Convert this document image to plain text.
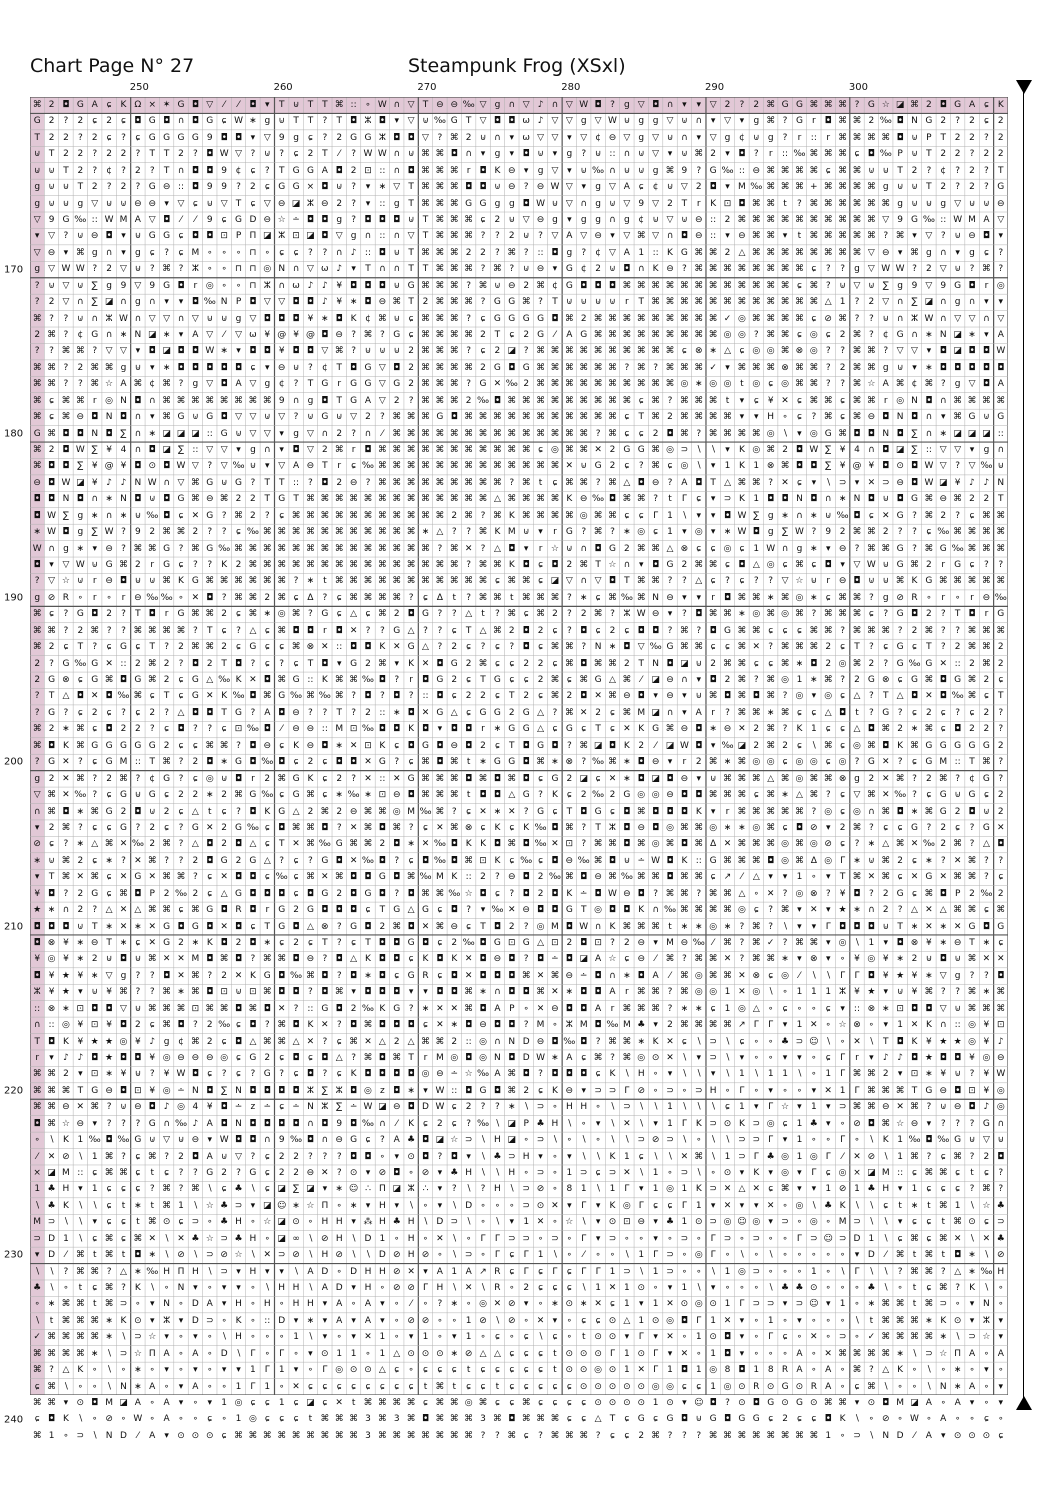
Chart Page N° 27	Steampunk Frog (XSxl)
250	260	270	280	290	300
170
180
190
200
210
220
230
240
⌘ 2 ◘ G A ɕ K Ω × ✶ G ◘ ▽	⁄	⁄	◘ ▾	T ⊍ T T ⌘ :: ∘ W ∩ ▽ T ⊖ ⊖ ‰ ▽ g ∩ ▽ ♪ ∩ ▽ W ◘ ?	g ▽ ◘ ∩ ▾	▾ ▽ 2	?	2 ⌘ G G ⌘ ⌘ ⌘ ? G ☆ ◪ ⌘ 2 ◘ G A ɕ K
G 2	?	2	ɕ	2	ɕ ◘ G ◘ ∩ ◘ G ɕ W ∗ g ⊍ T T	?	T ◘ ⵣ ◘ ▾ ▽ ⊍ ‰ G T ▽ ◘ ◘ ω ♪ ▽ ▽ g ▽ W ⊍ g g ▽ ⊍ ∩ ▾ ▽ ▾	g ⌘ ? G	r ◘ ⌘ ⌘ 2 ‰ ◘ N G 2	?	2	ɕ	2
T 2 2	?	2	ɕ	?	ɕ G G G G 9 ◘ ◘ ▾ ▽ 9 g	ɕ	?	2 G G ⵣ ◘ ◘ ▽ ? ⌘ 2 ⊍ ∩ ▾ ω ▽ ▽ ▾ ▽ ¢ ⊖ ▽ g ▽ ⊍ ∩ ▾ ▽ g ¢ ⊍ g	?	r	::	r ⌘ ⌘ ⌘ ⌘ ◘ ⊍ P T 2 2	?	2
⊍ T 2 2	?	2 2	?	T T 2	? ◘ W ▽ ? ⊍ ?	ɕ	2 T	⁄	? W W ∩ ⊍ ⌘ ⌘ ◘ ∩ ▾	g	▾ ◘ ⊍ ▾	g	? ⊍ :: ∩ ⊍ ▽ ▾ ⊍ ⌘ 2	▾ ◘ ?	r	:: ‰ ⌘ ⌘ ⌘ ɕ ◘ ‰ P ⊍ T 2 2	?	2 2
⊍ ⊍ T 2	?	¢	?	2	?	T ∩ ◘ ◘ 9 ¢	ɕ	?	T G G A ◘ 2 ⊡ :: ∩ ◘ ⌘ ⌘ ⌘ r ◘ K ⊖ ▾	g ▽ ▾ ⊍ ‰ ∩ ⊍ ⊍ g ⌘ 9	? G ‰ :: ⊖ ⌘ ⌘ ⌘ ⌘ ɕ ⌘ ⌘ ⊍ ⊍ T 2	?	¢	?	2	?	T
g ⊍ ⊍ T 2	?	2	? G ⊖ :: ◘ 9 9	?	2	ɕ G G × ◘ ⊍ ?	▾ ∗ ▽ T ⌘ ⌘ ⌘ ◘ ◘ ⊍ ⊖ ? ⊖ W ▽ ▾	g ▽ A ɕ	¢ ⊍ ▽ 2 ◘ ▾ M ‰ ⌘ ⌘ ⌘ + ⌘ ⌘ ⌘ ⌘ g ⊍ ⊍ T 2	?	2	? G
g ⊍ ⊍ g ▽ ⊍ ⊍ ⊖ ⊖ ▾ ▽ ɕ ⊍ ▽ T	ɕ ▽ ⊖ ◪ ⵣ ⊖ 2	?	▾	:: g T ⌘ ⌘ ⌘ G G g g ◘ W ⊍ ▽ ∩ g ⊍ ▽ 9 ▽ 2 T	r	K ⊡ ◘ ⌘ ⌘ t	? ⌘ ⌘ ⌘ ⌘ ⌘ ⌘ g ⊍ ⊍ g ▽ ⊍ ⊍ ⊖
▽ 9 G ‰ :: W M A ▽ ◘	⁄	⁄	9	ɕ G D ⊖ ☆ ∸ ◘ ◘ g	? ◘ ◘ ◘ ⊍ T ⌘ ⌘ ⌘ ɕ	2 ⊍ ▽ ⊖ g	▾	g g ∩ g ¢ ⊍ ▽ ⊍ ⊖ :: 2 ⌘ ⌘ ⌘ ⌘ ⌘ ⌘ ⌘ ⌘ ⌘ ⌘ ▽ 9 G ‰ :: W M A ▽
▾ ▽ ? ⊍ ⊖ ◘ ▾ ⊍ G G ɕ ◘ ◘ ⊡ P Π ◪ ⵣ ⊡ ◪ ◘ ▽ g ∩ :: ∩ ▽ T ⌘ ⌘ ⌘ ?	?	2 ⊍ ? ▽ A ▽ ⊖ ▾ ▽ ⌘ ▽ ∩ ◘ ⊖ ::	▾ ⊖ ⌘ ⌘ ▾	t ⌘ ⌘ ⌘ ⌘ ⌘ ? ⌘ ▾ ▽ ? ⊍ ⊖ ◘ ▾
▽ ⊖ ▾ ⌘ g ∩ ▾	g	ɕ	?	ɕ M ∘ ∘ ∘ ⊓ ∘	ɕ	ɕ	?	? ∩ ♪ :: ◘ ⊍ T ⌘ ⌘ ⌘ 2 2	? ⌘ ? :: ◘ g	?	¢ ▽ A 1 :: K G ⌘ ⌘ 2 △ ⌘ ⌘ ⌘ ⌘ ⌘ ⌘ ⌘ ⌘ ▽ ⊖ ▾ ⌘ g ∩ ▾	g	ɕ	?
g ▽ W W ?	2 ▽ ⊍ ? ⌘ ? ⵣ ∘ ∘ ⊓ ⊓ ◎ N ∩ ▽ ω ♪	▾	T ∩ ∩ T T ⌘ ⌘ ⌘ ? ⌘ ? ⊍ ⊖ ▾ G ¢ 2 ⊍ ◘ ∩ K ⊖ ? ⌘ ⌘ ⌘ ⌘ ⌘ ⌘ ⌘ ⌘ ɕ	?	?	g ▽ W W ?	2 ▽ ⊍ ? ⌘ ?
? ⊍ ▽ ⊍ ∑ g 9 ▽ 9 G ◘ r ◎ ∘ ∘ ⊓ ⵣ ∩ ω ♪ ♪ ¥ ◘ ◘ ◘ ⊍ G ⌘ ⌘ ⌘ ? ⌘ ⊍ ⊖ 2 ⌘ ¢ G ◘ ◘ ◘ ⌘ ⌘ ⌘ ⌘ ⌘ ⌘ ⌘ ⌘ ⌘ ⌘ ⌘ ⌘ ɕ ⌘ ? ⊍ ▽ ⊍ ∑ g 9 ▽ 9 G ◘ r ◎
?	2 ▽ ∩ ∑ ◪ ∩ g ∩ ▾	▾ ◘ ‰ N P ◘ ▽ ▽ ◘ ◘ ♪ ¥ ∗ ◘ ⊖ ⌘ T 2 ⌘ ⌘ ⌘ ? G G ⌘ ?	T ⊍ ⊍ ⊍ ⊍	r	T ⌘ ⌘ ⌘ ⌘ ⌘ ⌘ ⌘ ⌘ ⌘ ⌘ ⌘ ⌘ △ 1	?	2 ▽ ∩ ∑ ◪ ∩ g ∩ ▾	▾
⌘ ?	? ⊍ ∩ ⵣ W ∩ ▽ ▽ ∩ ▽ ⊍ ⊍ g ▽ ◘ ◘ ◘ ¥ ∗ ◘ K ¢ ⌘ ⊍ ɕ ⌘ ⌘ ⌘ ?	ɕ G G G G ◘ ⌘ 2 ⌘ ⌘ ⌘ ⌘ ⌘ ⌘ ⌘ ⌘ ⌘ ✓ ◎ ⌘ ⌘ ⌘ ⌘ ɕ ⊘ ⌘ ?	? ⊍ ∩ ⵣ W ∩ ▽ ▽ ∩ ▽
2 ⌘ ?	¢ G ∩ ∗ N ◪ ∗ ▾	A ▽	⁄	▽ ω ¥ @ ¥ @ ◘ ⊖ ? ⌘ ? G ɕ ⌘ ⌘ ⌘ ⌘ 2 T	ɕ	2 G	⁄	A G ⌘ ⌘ ⌘ ⌘ ⌘ ⌘ ⌘ ⌘ ⌘ ◎ ◎ ? ⌘ ⌘ ɕ ◎ ɕ	2 ⌘ ?	¢ G ∩ ∗ N ◪ ∗ ▾	A
?	? ⌘ ⌘ ? ▽ ▽ ▾ ◘ ◪ ◘ ◘ W ∗ ▾ ◘ ◘ ¥ ◘ ◘ ▽ ⌘ ? ⊍ ⊍ ⊍ 2 ⌘ ⌘ ⌘ ?	ɕ	2 ◪ ? ⌘ ⌘ ⌘ ⌘ ⌘ ⌘ ⌘ ⌘ ⌘ ⌘ ɕ ⊗ ∗ △ ɕ ◎ ◎ ⌘ ⊗ ◎ ?	? ⌘ ⌘ ? ▽ ▽ ▾ ◘ ◪ ◘ ◘ W
⌘ ⌘ ?	2 ⌘ ⌘ g ⊍ ▾ ∗ ◘ ◘ ◘ ◘ ◘ ɕ	▾ ⊖ ⊍ ?	¢ T ◘ G ▽ ◘ 2 ⌘ ⌘ ⌘ ⌘ 2 G ◘ G ⌘ ⌘ ⌘ ⌘ ⌘ ⌘ ? ⌘ ? ⌘ ⌘ ⌘ ✓ ▾ ⌘ ⌘ ⌘ ⊗ ⌘ ⌘ ?	2 ⌘ ⌘ g ⊍ ▾ ∗ ◘ ◘ ◘ ◘ ◘
⌘ ⌘ ?	? ⌘ ☆ A ⌘ ¢ ⌘ ?	g ▽ ◘ A ▽ g ¢	?	T G	r	G G ▽ G 2 ⌘ ⌘ ⌘ ? G ✕ ‰ 2 ⌘ ⌘ ⌘ ⌘ ⌘ ⌘ ⌘ ⌘ ⌘ ⌘ ◎ ∗ ◎ ◎ t ◎ ɕ ◎ ⌘ ⌘ ?	? ⌘ ☆ A ⌘ ¢ ⌘ ?	g ▽ ◘ A
⌘ ɕ ⌘ ⌘ r ◎ N ◘ ∩ ⌘ ⌘ ⌘ ⌘ ⌘ ⌘ ⌘ ⌘ 9 ∩ g ◘ T G A ▽ 2	? ⌘ ⌘ ⌘ 2 ‰ ◘ ⌘ ⌘ ⌘ ⌘ ⌘ ⌘ ⌘ ⌘ ⌘ ɕ ⌘ ? ⌘ ⌘ ⌘ t	▾	ɕ	¥ ✕ ɕ ⌘ ⌘ ɕ ⌘ ⌘ r ◎ N ◘ ∩ ⌘ ⌘ ⌘ ⌘
⌘ ɕ ⌘ ⊖ ◘ N ◘ ∩ ▾ ⌘ G ⊍ G ◘ ▽ ▽ ⊍ ▽ ? ⊍ G ⊍ ▽ 2	? ⌘ ⌘ ⌘ G ◘ ⌘ ⌘ ⌘ ⌘ ⌘ ⌘ ⌘ ⌘ ⌘ ⌘ ⌘ ɕ	T ⌘ 2 ⌘ ⌘ ⌘ ⌘ ▾	▾ H ∘	ɕ	? ⌘ ɕ ⌘ ⊖ ◘ N ◘ ∩ ▾ ⌘ G ⊍ G
G ⌘ ◘ ◘ N ◘ ∑ ∩ ∗ ◪ ◪ ◪ :: G ⊍ ▽ ▽ ▾	g ▽ ∩ 2	? ∩	⁄	⌘ ⌘ ⌘ ⌘ ⌘ ⌘ ⌘ ⌘ ⌘ ⌘ ⌘ ⌘ ⌘ ⌘ ? ⌘ ɕ	ɕ	2 ◘ ⌘ ? ⌘ ⌘ ⌘ ⌘ ◎ ∖	▾ ◎ G ⌘ ◘ ◘ N ◘ ∑ ∩ ∗ ◪ ◪ ◪ ::
⌘ 2 ◘ W ∑ ¥ 4 ∩ ◘ ◪ ∑ :: ▽ ▽ ▾	g ∩ ▾ ◘ ▽ 2 ⌘ r ◘ ⌘ ⌘ ⌘ ⌘ ⌘ ⌘ ⌘ ⌘ ⌘ ⌘ ⌘ ɕ ◎ ⌘ ⌘ ✕ 2 G G ⌘ ◎ ⊃ ∖ ∖	▾	K ◎ ⌘ 2 ◘ W ∑ ¥ 4 ∩ ◘ ◪ ∑ :: ▽ ▽ ▾	g ∩
⌘ ◘ ◘ ∑ ¥ @ ¥ ◘ ⊙ ◘ W ▽ ? ▽ ‰ ⊍ ▾ ▽ A ⊖ T	r	ɕ ‰ ⌘ ⌘ ⌘ ⌘ ⌘ ⌘ ⌘ ⌘ ⌘ ⌘ ⌘ ⌘ ⌘ ✕ ⊍ G 2	ɕ	? ⌘ ɕ ◎ ∖	▾	1 K 1 ⊗ ⌘ ◘ ◘ ∑ ¥ @ ¥ ◘ ⊙ ◘ W ▽ ? ▽ ‰ ⊍
⊖ ◘ W ◪ ¥ ♪ ♪ N W ∩ ▽ ⌘ G ⊍ G ?	T T :: ? ◘ 2 ⊖ ? ⌘ ⌘ ⌘ ⌘ ⌘ ⌘ ⌘ ⌘ ⌘ ? ⌘ t	ɕ ⌘ ⌘ ? ⌘ △ ◘ ⊖ ? A ◘ T △ ⌘ ⌘ ? ✕ ɕ	▾	∖ ⊃ ▾ ✕ ⊃ ⊖ ◘ W ◪ ¥ ♪ ♪ N
◘ ◘ N ◘ ∩ ∗ N ◘ ⊍ ◘ G ⌘ ⊖ ⌘ 2 2 T G T ⌘ ⌘ ⌘ ⌘ ⌘ ⌘ ⌘ ⌘ ⌘ ⌘ ⌘ ⌘ ⌘ △ ⌘ ⌘ ⌘ ⌘ K ⊖ ‰ ◘ ⌘ ⌘ ?	t	Γ	ɕ	▾ ⊃ K 1 ◘ ◘ N ◘ ∩ ∗ N ◘ ⊍ ◘ G ⌘ ⊖ ⌘ 2 2 T
◘ W ∑ g ∗ ∩ ∗ ⊍ ‰ ◘ ɕ ✕ G ? ⌘ 2	?	ɕ ⌘ ⌘ ⌘ ⌘ ⌘ ⌘ ⌘ ⌘ ⌘ ⌘ ⌘ 2 ⌘ ? ⌘ K ⌘ ⌘ ⌘ ⌘ ◎ ⌘ ⌘ ɕ	ɕ	Γ	1 ∖	▾	▾ ◘ W ∑ g ∗ ∩ ∗ ⊍ ‰ ◘ ɕ ✕ G ? ⌘ 2	?	ɕ ⌘ ⌘
∗ W ◘ g ∑ W ?	9 2 ⌘ ⌘ 2	?	?	ɕ ‰ ⌘ ⌘ ⌘ ⌘ ⌘ ⌘ ⌘ ⌘ ⌘ ⌘ ⌘ ∗ △ ?	? ⌘ K M ⊍ ▾	r	G ? ⌘ ? ∗ ◎ ɕ	1	▾ ◎ ▾ ∗ W ◘ g ∑ W ?	9 2 ⌘ ⌘ 2	?	?	ɕ ‰ ⌘ ⌘ ⌘ ⌘
W ∩ g ∗ ▾ ⊖ ? ⌘ ⌘ G ? ⌘ G ‰ ⌘ ⌘ ⌘ ⌘ ⌘ ⌘ ⌘ ⌘ ⌘ ⌘ ⌘ ⌘ ⌘ ⌘ ? ⌘ ✕ ? △ ◘ ▾	r ☆ ⊍ ∩ ◘ G 2 ⌘ ⌘ △ ⊗ ɕ	ɕ ◎ ɕ	1 W ∩ g ∗ ▾ ⊖ ? ⌘ ⌘ G ? ⌘ G ‰ ⌘ ⌘ ⌘
◘ ▾ ▽ W ⊍ G ⌘ 2	r	G ɕ	?	?	K 2 ⌘ ⌘ ⌘ ⌘ ⌘ ⌘ ⌘ ⌘ ⌘ ⌘ ⌘ ⌘ ⌘ ⌘ ⌘ ? ⌘ ⌘ K ◘ ɕ ◘ 2 ⌘ T ☆ ∩ ▾ ◘ G 2 ⌘ ⌘ ɕ ◘ △ ◎ ɕ ⌘ ɕ ◘ ▾ ▽ W ⊍ G ⌘ 2	r	G ɕ	?	?
? ▽ ☆ ⊍	r ⊖ ◘ ⊍ ⊍ ⌘ K G ⌘ ⌘ ⌘ ⌘ ⌘ ⌘ ? ∗ t ⌘ ⌘ ⌘ ⌘ ⌘ ⌘ ⌘ ⌘ ⌘ ⌘ ⌘ ɕ ⌘ ⌘ ɕ ◪ ▽ ∩ ▽ ◘ T ⌘ ⌘ ?	? △ ɕ	?	ɕ	?	? ▽ ☆ ⊍	r ⊖ ◘ ⊍ ⊍ ⌘ K G ⌘ ⌘ ⌘ ⌘ ⌘
g ⊘ R ∘	r	∘	r ⊖ ‰ ‰ ∘ ✕ ◘ ? ⌘ ⌘ 2 ⌘ ɕ ∆ ?	ɕ ⌘ ⌘ ⌘ ⌘ ?	ɕ ∆	t	? ⌘ ⌘ t ⌘ ⌘ ⌘ ? ∗ ɕ ⌘ ‰ ⌘ N ⊖ ▾	▾	r ◘ ⌘ ⌘ ∗ ⌘ ◎ ∗ ɕ ⌘ ⌘ ?	g ⊘ R ∘	r	∘	r ⊖ ‰
⌘ ɕ	? G ◘ 2	?	T ◘ r	G ⌘ ⌘ 2	ɕ ⌘ ∗ ◎ ⌘ ? G ɕ △ ɕ ⌘ 2 ◘ G ?	? △	t	? ⌘ ɕ ⌘ 2	?	2 ⌘ ? ⵣ W ⊖ ▾	? ◘ ⌘ ⌘ ∗ ◎ ⌘ ◎ ⌘ ? ⌘ ⌘ ⌘ ɕ	? G ◘ 2	?	T ◘ r	G
⌘ ⌘ ?	2 ⌘ ?	? ⌘ ⌘ ⌘ ⌘ ?	T	ɕ	? △ ɕ ⌘ ◘ ◘ r ◘ ✕ ?	? G △ ?	?	ɕ	T △ ⌘ 2 ◘ 2	ɕ	? ◘ ɕ	2	ɕ ◘ ◘ ? ⌘ ? ◘ G ⌘ ⌘ ɕ	ɕ	ɕ ⌘ ⌘ ? ⌘ ⌘ ⌘ ?	2 ⌘ ?	? ⌘ ⌘ ⌘
⌘ 2	ɕ	T	?	ɕ G ɕ	T	?	2 ⌘ ⌘ 2	ɕ G ɕ	ɕ ⌘ ⊗ ✕ :: ◘ ◘ K ✕ G △ ?	2	ɕ	?	ɕ	? ◘ ɕ ⌘ ⌘ ? N ∗ ◘ ▽ ‰ G ⌘ ⌘ ɕ	ɕ ⌘ ✕ ? ⌘ ⌘ ⌘ 2	ɕ	T	?	ɕ G ɕ	T	?	2 ⌘ ⌘ 2
2	? G ‰ G ✕ :: 2 ⌘ 2	? ◘ 2 T ◘ ?	ɕ	?	ɕ	T ◘ ▾ G 2 ⌘ ▾	K ✕ ◘ G 2 ⌘ ɕ	ɕ	2 2	ɕ ⌘ ◘ ⌘ ⌘ 2 T N ◘ ◪ ⊍ 2 ⌘ ⌘ ɕ	ɕ ⌘ ∗ ◘ 2 ◎ ⌘ 2	? G ‰ G ✕ :: 2 ⌘ 2
2 G ⊗ ɕ G ⌘ ◘ G ⌘ 2	ɕ G △ ‰ K ✕ ◘ ⌘ G :: K ⌘ ⌘ ‰ ◘ ?	r ◘ G 2	ɕ	T G ɕ	ɕ	2 ⌘ ɕ ⌘ G △ ⌘	⁄	◪ ⊖ ∩ ▾ ◘ 2 ⌘ ? ⌘ ◎ 1 ∗ ⌘ ?	2 G ⊗ ɕ G ⌘ ◘ G ⌘ 2	ɕ
?	T △ ◘ ✕ ◘ ‰ ⌘ ɕ	T	ɕ G ✕ K ‰ ◘ ⌘ G ‰ ⌘ ‰ ⌘ ? ◘ ? ◘ ? :: ◘ ɕ	2 2	ɕ	T 2	ɕ ⌘ 2 ◘ ✕ ⌘ ⊖ ◘ ▾ ⊖ ▾ ⊍ ⌘ ◘ ⌘ ◘ ⌘ ? ◎ ▾ ◎ ɕ △ ?	T △ ◘ ✕ ◘ ‰ ⌘ ɕ	T
? G ?	ɕ	2	ɕ	?	ɕ	2	? △ ◘ ◘ T G ? A ◘ ⊖ ?	?	T	?	2 :: ∗ ◘ ✕ G △ ɕ G G 2 G △ ? ⌘ ✕ 2	ɕ ⌘ M ◪ ∩ ▾	A	r	? ⌘ ⌘ ∗ ⌘ ɕ	ɕ △ ◘	t	? G ?	ɕ	2	ɕ	?	ɕ	2	?
⌘ 2 ∗ ⌘ ɕ ◘ 2 2	?	ɕ ◘ ?	?	ɕ ⊡ ‰ ◘	⁄	⊖ ⊖ :: M ⊡ ‰ ◘ ◘ K ◘ ▾ ◘ ◘ r ∗ G G △ ɕ G ɕ	T	ɕ ✕ K G ⌘ ⊖ ◘ ∗ ⊖ ✕ 2 ⌘ ?	K 1	ɕ	ɕ △ ◘ ⌘ 2 ∗ ⌘ ɕ ◘ 2 2	?
⌘ ◘ K ⌘ G G G G G 2	ɕ	ɕ ⌘ ⌘ ? ◘ ⊖ ɕ K ⊖ ◘ ∗ ✕ ⊡ K ɕ ◘ G ◘ ⊖ ◘ 2	ɕ	T ◘ G ◘ ? ⌘ ◪ ◘ K 2	⁄	◪ W ◘ ▾ ‰ ◪ 2 ⌘ 2	ɕ	∖ ⌘ ɕ ◎ ⌘ ◘ K ⌘ G G G G G 2
? G ✕ ?	ɕ G M :: T ⌘ ?	2 ◘ ∗ G ◘ ‰ ◘ ɕ	2	ɕ ◘ ◘ ✕ G ?	ɕ ⌘ ◘ ⌘ t ∗ G G ◘ ⌘ ∗ ⊗ ? ‰ ⌘ ∗ ◘ ⊖ ▾	r	2 ⌘ ∗ ⌘ ◎ ◎ ɕ ◎ ◎ ɕ ◎ ? G ✕ ?	ɕ G M :: T ⌘ ?
g 2 ✕ ⌘ ?	2 ⌘ ?	¢ G ?	ɕ ◎ ⊍ ◘ r	2 ⌘ G K ɕ	2	? ✕ :: ✕ G ⌘ ⌘ ⌘ ◘ ⌘ ◘ ⌘ ◘ ɕ G 2 ◪ ɕ ✕ ∗ ◘ ◪ ◘ ⊖ ▾ ⊍ ⌘ ⌘ ⌘ △ ⌘ ◎ ⌘ ⌘ ⊗ g 2 ✕ ⌘ ?	2 ⌘ ?	¢ G ?
▽ ⌘ ✕ ‰ ?	ɕ G ⊍ G ɕ	2 2 ∗ 2 ⌘ G ‰ ɕ G ⌘ ɕ ∗ ‰ ∗ ⊡ ⊖ ◘ ⌘ ⌘ ⌘ t	◘ ◘ △ G ?	K ɕ	2 ‰ 2 G ◎ ◎ ⊖ ◘ ◘ ⌘ ⌘ ⌘ ɕ ⌘ ∗ △ ⌘ ?	ɕ ▽ ⌘ ✕ ‰ ?	ɕ G ⊍ G ɕ	2
∩ ⌘ ◘ ∗ ⌘ G 2 ◘ ⊍ 2	ɕ △	t	ɕ	? ◘ K G △ 2 ⌘ 2 ⊖ ⌘ ⌘ ◎ M ‰ ⌘ ?	ɕ ✕ ∗ ✕ ? G ɕ	T ◘ G ɕ ◘ ⌘ ◘ ◘ ◘ K	▾	r ⌘ ⌘ ⌘ ⌘ ⌘ ? ◎ ɕ ◎ ∩ ⌘ ◘ ∗ ⌘ G 2 ◘ ⊍ 2
▾	2 ⌘ ?	ɕ	ɕ G ?	2	ɕ	? G ✕ 2 G ‰ ɕ ◘ ⌘ ⌘ ◘ ? ✕ ⌘ ◘ ⌘ ?	ɕ ✕ ⌘ ⊗ ɕ K ɕ K ‰ ◘ ⌘ ?	T ⵣ ◘ ⊖ ◘ ◎ ⌘ ⌘ ◎ ∗ ∗ ◎ ⌘ ɕ ◘ ⊘ ▾	2 ⌘ ?	ɕ	ɕ G ?	2	ɕ	? G ✕
⊘ ɕ	? ∗ △ ⌘ ✕ ‰ 2 ⌘ ? △ ◘ 2 ◘ △ ɕ	T ✕ ⌘ ‰ G ⌘ ⌘ 2 ◘ ∗ ✕ ‰ ◘ K K ◘ ⌘ ◘ ‰ ✕ ⊡ ? ⌘ ⌘ ◘ ⌘ ◎ ⌘ ◘ ⌘ ∆ ✕ ⌘ ⌘ ⌘ ◎ ⌘ ◎ ⊘ ɕ	? ∗ △ ⌘ ✕ ‰ 2 ⌘ ? △ ◘
∗ ⊍ ⌘ 2	ɕ ∗ ? ✕ ⌘ ?	?	2 ◘ G 2 G △ ?	ɕ	? G ◘ ✕ ‰ ◘ ?	ɕ ◘ ‰ ◘ ⌘ ⊡ K ɕ ‰ ɕ ◘ ⊖ ‰ ⌘ ◘ ⊍ ∸ W ◘ K :: G ⌘ ⌘ ⌘ ◘ ◎ ⌘ ∆ ◎ Γ ∗ ⊍ ⌘ 2	ɕ ∗ ? ✕ ⌘ ?	?
▾	T ⌘ ✕ ⌘ ɕ ✕ G ✕ ⌘ ⌘ ?	ɕ ✕ ◘ ◘ ɕ ‰ ɕ ⌘ ✕ ⌘ ◘ ◘ G ◘ ⌘ ‰ M K :: 2	? ⊖ ◘ 2 ‰ ⌘ ◘ ⊖ ⌘ ‰ ⌘ ⌘ ◘ ⌘ ⌘ ɕ ↗	⁄	△ ▾	▾	1 ∘	▾	T ⌘ ✕ ⌘ ɕ ✕ G ✕ ⌘ ⌘ ?	ɕ
¥ ◘ ?	2 G ɕ ⌘ ◘ P 2 ‰ 2	ɕ △ G ◘ ◘ ◘ ɕ ◘ G 2 ◘ G ◘ ? ◘ ⌘ ⌘ ‰ ☆ ◘ ɕ	? ◘ 2 ◘ K ∸ ◘ W ⊖ ◘ ? ⌘ ⌘ ? ⌘ ⌘ △ ∘ ✕ ? ◎ ⊗ ?	¥ ◘ ?	2 G ɕ ⌘ ◘ P 2 ‰ 2
★ ∗ ∩ 2	? △ ✕ △ ⌘ ⌘ ɕ ⌘ G ◘ R ◘ r	G 2 G ◘ ◘ ◘ ɕ	T G △ G ɕ ◘ ?	▾ ‰ ✕ ⊖ ◘ ◘ G T ◎ ◘ ◘ K ∩ ‰ ⌘ ⌘ ⌘ ⌘ ◎ ɕ	? ⌘ ▾ ✕ ▾ ★ ∗ ∩ 2	? △ ✕ △ ⌘ ⌘ ɕ ⌘
◘ ◘ ◘ ⊍ T ∗ ✕ ∗ ✕ G ◘ G ◘ ✕ ◘ ɕ	T G ◘ △ ⊗ ? G ◘ 2 ⌘ ◘ ✕ ⌘ ⊖ ɕ	T ◘ 2	? ◎ M ◘ W ∩ K ⌘ ⌘ ⌘ t ∗ ∗ ◎ ∗ ? ⌘ ?	∖	▾	▾	Γ ◘ ◘ ◘ ⊍ T ∗ ✕ ∗ ✕ G ◘ G
◘ ⊗ ¥ ∗ ⊖ T ∗ ɕ ✕ G 2 ∗ K ◘ 2 ◘ ∗ ɕ	2	ɕ	T	?	ɕ	T ◘ ◘ G ◘ ɕ	2 ‰ ◘ G ⊡ G △ ⊡ 2 ◘ ⊡ ?	2 ⊖ ▾ M ⊖ ‰ ⁄	⌘ ? ⌘ ✓ ? ⌘ ⌘ ▾ ◎ ∖ 1	▾ ◘ ⊗ ¥ ∗ ⊖ T ∗ ɕ
¥ ◎ ¥ ∗ 2 ⊍ ◘ ⊍ ⌘ ✕ ✕ M ◘ ⌘ ◘ ? ⌘ ⌘ ◘ ⊖ ? ◘ △ K ◘ ◘ ɕ K ◘ K ✕ ◘ ⊖ ◘ ? ◘ ∸ ◘ ◪ A ☆ ɕ ⊖	⁄	⌘ ? ⌘ ⌘ ✕ ? ⌘ ⌘ ∗ ▾ ⊗ ▾	∘ ¥ ◎ ¥ ∗ 2 ⊍ ◘ ⊍ ⌘ ✕ ✕
◘ ¥ ★ ¥ ∗ ▽ g	?	? ◘ ✕ ⌘ ?	2 ✕ K G ◘ ‰ ⌘ ◘ ? ◘ ∗ ◘ ɕ G R ɕ ◘ ✕ ◘ ◘ ◘ ⌘ ✕ ⌘ ⊖ ∸ ◘ ∩ ∗ ◘ A	⁄	⌘ ◎ ⌘ ⌘ ✕ ⊗ ɕ ◎	⁄	∖ ∖	Γ	Γ ◘ ¥ ★ ¥ ∗ ▽ g	?	? ◘
ⵣ ¥ ★ ▾ ⊍ ¥ ⌘ ?	? ⌘ ∗ ⌘ ◘ ⊡ ⊍ ⊡ ⌘ ◘ ◘ ? ◘ ⌘ ▾ ◘ ◘ ◘ ▾	▾ ◘ ◘ ⌘ ∗ ∩ ◘ ◘ ⌘ ✕ ∗ ◘ ◘ A	r ⌘ ⌘ ? ⌘ ◎ ◎ 1 ✕ ◎ ∖ ∘ 1 1 1 ⵣ ¥ ★ ▾ ⊍ ¥ ⌘ ?	? ⌘ ∗ ⌘
:: ⊗ ∗ ⊡ ◘ ◘ ▽ ⊍ ⌘ ⌘ ⌘ ⊡ ⌘ ⌘ ◘ ⌘ ◘ ✕ ? :: G ◘ 2 ‰ K G ? ∗ ✕ ✕ ⌘ ◘ A P ∘ ✕ ⊖ ◘ ◘ A	r ⌘ ⌘ ⌘ ? ∗ ∗ ɕ	1 ◎ △ ∘	ɕ	∘ ∘	ɕ	▾	:: ⊗ ∗ ⊡ ◘ ◘ ▽ ⊍ ⌘ ⌘ ⌘
∩ :: ◎ ¥ ⊡ ¥ ◘ 2	ɕ ⌘ ◘ ?	2 ‰ ɕ ◘ ? ⌘ ◘ K ✕ ? ◘ ⌘ ◘ ◘ ◘ ɕ ✕ ∗ ◘ ⊖ ◘ ◘ ? M ∘ ⵣ M ◘ ‰ M ♣ ▾	2 ⌘ ⌘ ⌘ ⌘ ↗ Γ	Γ	▾	1 ✕ ∘ ☆ ⊗ ∘	▾	1 ✕ K ∩ :: ◎ ¥ ⊡
T ◘ K ¥ ★ ★ ◎ ¥ ♪ g ¢ ⌘ 2	ɕ ◘ △ ⌘ ⌘ △ ✕ ?	ɕ ⌘ ✕ △ 2 △ ⌘ ⌘ 2 :: ◎ ∩ N D ⊖ ◘ ‰ ◘ ? ⌘ ⌘ ∗ K ✕ ɕ	∖ ⊃ ∖	ɕ	∘ ∘ ♣ ⊃ ☺ ∖ ∘ ✕ ∖ T ◘ K ¥ ★ ★ ◎ ¥ ♪
r	▾	♪ ♪ ◘ ★ ◘ ◘ ¥ ◎ ⊖ ⊖ ⊖ ◎ ɕ G 2	ɕ ◘ ɕ ◘ △ ? ⌘ ◘ ⌘ T	r M ◎ ◘ ◎ N ◘ D W ∗ A ɕ ⌘ ? ⌘ ◎ ⊙ ✕ ∖	▾ ⊃ ∖	▾	∘ ∘	▾	▾	∘	ɕ	Γ	r	▾	♪ ♪ ◘ ★ ◘ ◘ ¥ ◎ ⊖
⌘ ⌘ 2	▾ ⊡ ∗ ¥ ⊍ ?	¥ W ◘ ɕ	?	ɕ	? G ?	ɕ ◘ ?	ɕ K ◘ ◘ ◘ ◘ ◎ ⊖ ∸ ☆ ‰ A ⌘ ◘ ? ◘ ◘ ◘ ɕ K ∖ H ∘	▾	∖ ∖	▾	∖ 1 ∖ 1 1 ∖ ∘ 1	Γ ⌘ ⌘ 2	▾ ⊡ ∗ ¥ ⊍ ?	¥ W
⌘ ⌘ ⌘ T G ⊖ ◘ ⊡ ¥ ◎ ∸ N ◘ ∑ N ◘ ◘ ◘ ◘ ⵣ ∑ ⵣ ◘ ◎ z ◘ ∗ ▾ W :: ◘ G ◘ ⌘ 2	ɕ K ⊖ ▾ ⊃ ⊃ Γ ⊘ ∘ ⊃ ∘ ⊃ H ∘	Γ	∘	▾	∘ ∘	▾ ✕ 1	Γ ⌘ ⌘ ⌘ T G ⊖ ◘ ⊡ ¥ ◎
⌘ ⌘ ⊖ ✕ ⌘ ? ⊍ ⊖ ◘ ♪ ◎ 4 ¥ ◘ ∸ z ∸ ɕ ∸ N ⵣ ∑ ∸ W ◪ ⊖ ◘ D W ɕ	2	?	? ∗ ∖ ⊃ ∘ H H ∘ ∖ ⊃ ∖ ∖ 1 ∖ ∖ ∖	ɕ	1	▾	Γ ☆ ▾	1	▾ ⊃ ⌘ ⌘ ⊖ ✕ ⌘ ? ⊍ ⊖ ◘ ♪ ◎
◘ ⌘ ☆ ⊖ ▾	?	?	? G ∩ ‰ ♪ A ◘ N ◘ ◘ ◘ ◘ ∩ ◘ 9 ◘ ‰ ∩	⁄	K ɕ	2	ɕ	? ‰ ∖ ◪ P ♣ H ∖ ∘	▾	∖ ✕ ∖	▾	1	Γ K ⊃ ⊙ K ⊃ ◎ ɕ	1 ♣ ▾	∘ ⊘ ◘ ⌘ ☆ ⊖ ▾	?	?	? G ∩
∘ ∖ K 1 ‰ ◘ ‰ G ⊍ ▽ ⊍ ⊖ ▾ W ◘ ◘ ∩ 9 ‰ ◘ ∩ ⊖ G ɕ	? A ♣ ◘ ◪ ☆ ⊃ ∖ H ◪ ∘ ⊃ ∖ ∘ ∖ ∘ ∖ ∖ ⊃ ⊘ ⊃ ∖ ∘ ∖ ∖ ⊃ ⊃ Γ	▾	1 ∘ ∘	Γ	∘ ∖ K 1 ‰ ◘ ‰ G ⊍ ▽ ⊍
⁄	✕ ⊘ ∖ 1 ⌘ ?	ɕ ⌘ ?	2 ◘ A ⊍ ▽ ?	ɕ	2 2	?	?	? ◘ ◘ ∘	▾ ⊙ ◘ ? ◘ ▾	∖ ♣ ⊃ H ▾	∘	▾	∖ ∖ K 1	ɕ	∖ ∖ ✕ ⌘ ∖ 1 ⊃ Γ ♣ ◎ 1 ◎ Γ	⁄	✕ ⊘ ∖ 1 ⌘ ?	ɕ ⌘ ?	2 ◘
× ◪ M :: ɕ ⌘ ⌘ ɕ	t	ɕ	?	? G 2	? G ɕ	2 2 ⊖ ✕ ? ⊙ ▾ ⊘ ◘ ∘ ⊘ ▾ ♣ H ∖ ∖ H ∘ ⊃ ∘ 1 ⊃ ɕ ⊃ ✕ ∖ 1 ∘ ⊃ ∖ ∘ ⊙ ▾	K	▾ ◎ ▾	Γ	ɕ ◎ × ◪ M :: ɕ ⌘ ⌘ ɕ	t	ɕ	?
1 ♣ H ▾	1	ɕ	ɕ	ɕ	? ⌘ ? ⌘ ∖	ɕ ♣ ∖	ɕ ◪ ∑ ◪ ▾ ∗ ☺ ∴ Π ◪ ⵣ ∴	▾	?	∖	? H ∖ ⊃ ⊘ ∘ 8 1 ∖ 1	Γ	▾	1 ◎ 1 K ⊃ ✕ △ ✕ ɕ ⌘ ▾	▾	1 ⊘ 1 ♣ H ▾	1	ɕ	ɕ	ɕ	? ⌘ ?
∖ ♣ K ∖ ∖	ɕ	t ∗ t ⌘ 1 ∖ ☆ ♣ ⊃ ▾ ◪ ☺ ∗ ☆ Π ∘ ∗ ▾ H ▾	∖ ∘	▾	∖ D ∘ ∘ ∘ ⊃ ⊙ ✕ ▾	Γ	▾	K ◎ Γ	ɕ	ɕ	Γ	1	▾ ✕ ▾	▾ ✕ ∘ ◎ ∖ ♣ K ∖ ∖	ɕ	t ∗ t ⌘ 1 ∖ ☆ ♣
M ⊃ ∖ ∖	▾	ɕ	ɕ	t ⌘ ⊙ ɕ ⊃ ∘ ♣ H ∘ ☆ ◪ ⊙ ∘ H H ▾ ⁂ H ♣ H ∖ D ⊃ ∖ ∘ ∖	▾	1 ✕ ∘ ☆ ∖	▾ ⊙ ⊡ ⊖ ▾ ♣ 1 ⊙ ⊃ ◎ ☺ ◎ ▾ ⊃ ∘ ◎ ∘ M ⊃ ∖ ∖	▾	ɕ	ɕ	t ⌘ ⊙ ɕ ⊃
⊃ D 1 ∖	ɕ ⌘ ɕ ⌘ ✕ ∖ ✕ ♣ ☆ ⊃ ♣ H ∘ ◪ ∞ ∖ ⊘ H ∖ D 1 ∘ H ∘ ✕ ∖ ∘	Γ	Γ ⊃ ⊃ ∘ ⊃ ∘	Γ	▾ ⊃ ∘ ∘	▾	∘ ⊃ ∘	Γ ⊃ ∘ ⊃ ∘ ∘	Γ ⊃ ☺ ⊃ D 1 ∖	ɕ ⌘ ɕ ⌘ ✕ ∖ ✕ ♣
▾ D	⁄	⌘ t ⌘ t	◘ ∗ ∖ ⊘ ∖ ⊃ ⊘ ☆ ∖ ✕ ⊃ ⊘ ∖ H ⊘ ∖ ∖ D ⊘ H ⊘ ∘ ∖ ⊃ ∘	Γ	ɕ	Γ	1 ∖ ∘	⁄	∘ ∘ ∖ 1	Γ ⊃ ∘ ◎ Γ	∘ ∖ ∘ ∖ ∘ ∘ ∘ ∘ ∘	▾ D	⁄	⌘ t ⌘ t	◘ ∗ ∖ ⊘
∖ ∖	? ⌘ ⌘ ? △ ∗ ‰ H Π H ∖ ⊃ ▾ H ▾	▾	∖ A D ∘ D H H ⊘ ✕ ▾	A 1 A ↗ R ɕ	Γ	ɕ	Γ	ɕ	Γ	Γ	1 ⊃ ∖ 1 ⊃ ∘ ∘ ∖ 1 ◎ ⊃ ∘ ∘ ∘ 1 ∘ ∖	Γ	∖ ∖	? ⌘ ⌘ ? △ ∗ ‰ H
♣ ∖ ∘	t	ɕ ⌘ ?	K ∖ ∘ N ▾	∘	▾	▾	∘ ∖ H H ∖ A D ▾ H ∘ ⊘ ⊘ Γ H ∖ ✕ ∖ R ∘ 2	ɕ	ɕ	ɕ	∖ 1 ✕ 1 ⊙ ∘	▾	1 ∖	▾	∘ ∘ ∘ ∖ ♣ ♣ ⊙ ∘ ∘ ∘ ♣ ∖ ∘	t	ɕ ⌘ ?	K ∖ ∘
∘ ∗ ⌘ ⌘ t ⌘ ⊃ ∘	▾ N ∘ D A	▾ H ∘ H ∘ H H ▾	A ∘ A	▾	∘	⁄	∘	? ∗ ∘ ◎ ✕ ⊘ ▾	∘ ∗ ⊙ ∗ ✕ ɕ	1	▾	1 ✕ ⊙ ◎ ⊙ 1	Γ ⊃ ⊃ ▾ ⊃ ☺ ▾	1 ∘ ∗ ⌘ ⌘ t ⌘ ⊃ ∘	▾ N ∘
∖	t ⌘ ⌘ ⌘ ∗ K ⊙ ▾ ⵣ ▾ D ⊃ ∘ K ∘ :: D ▾ ∗ ▾	A	▾	A	▾	∘ ⊘ ⊘ ∘ ∘ 1 ⊘ ∖ ⊘ ∘ ✕ ▾	∘	ɕ	ɕ ⊙ △ 1 ⊙ ◎ ◘ Γ	1 ✕ ▾	∘ 1 ∘	▾	∘ ∘ ∘ ∖	t ⌘ ⌘ ⌘ ∗ K ⊙ ▾ ⵣ ▾
✓ ⌘ ⌘ ⌘ ⌘ ∗ ∖ ⊃ ☆ ▾	∘	▾	∘ ∖ H ∘ ∘ ∘ 1 ∖	▾	∘	▾ ✕ 1 ∘	▾	1 ∘	▾	1 ∘	ɕ	∘	ɕ	∖	ɕ	∘	t ⊙ ⊙ ▾	Γ	▾ ✕ ∘ 1 ⊙ ◘ ▾	∘	Γ	ɕ	∘ ✕ ∘ ⊃ ∘ ✓ ⌘ ⌘ ⌘ ⌘ ∗ ∖ ⊃ ☆ ▾
⌘ ⌘ ⌘ ⌘ ∗ ∖ ⊃ ☆ Π A ∘ A ∘ D ∖	Γ	∘	Γ	∘	▾ ⊙ 1 1 ∘ 1 △ ⊙ ⊙ ⊙ ∗ ⊘ △ △ ɕ	ɕ	ɕ	t ⊙ ⊙ ⊙ Γ	1 ⊙ Γ	▾ ✕ ∘ 1 ◘ ▾	∘ ∘ ∘ A ∘ ✕ ⌘ ⌘ ⌘ ⌘ ∗ ∖ ⊃ ☆ Π A ∘ A
⌘ ? △ K ∘ ∖ ∘ ∗ ∘	▾	∘	▾	∘	▾	▾	1	Γ	1	▾	∘	Γ ◎ ⊙ ⊙ △ ɕ	∘	ɕ	ɕ	ɕ	t	ɕ	ɕ	ɕ	ɕ	ɕ	t ⊙ ⊙ ◎ ⊙ 1 ✕ Γ	1 ◘ 1 ◎ 8 ◘ 1 8 R A ∘ A ∘ ⌘ ? △ K ∘ ∖ ∘ ∗ ∘	▾	∘
ɕ ⌘ ∖ ∘ ∘ ∖ N ∗ A ∘	▾	A ∘ ∘ 1	Γ	1 ∘ ✕ ɕ	ɕ	ɕ	ɕ	ɕ	ɕ	ɕ	ɕ	t ⌘ t	ɕ	ɕ	t	ɕ	ɕ	ɕ	ɕ	ɕ ⊙ ⊙ ⊙ ⊙ ⊙ ◎ ◎ ɕ	ɕ	1 ◎ ⊙ R ⊙ G ⊙ R A ∘	ɕ ⌘ ∖ ∘ ∘ ∖ N ∗ A ∘	▾
⌘ ⌘ ▾ ⊙ ◘ M ◪ A ∘ A	▾	∘	▾	1 ◎ ɕ	ɕ	1	ɕ ◪ ɕ ✕ t ⌘ ⌘ ⌘ ⌘ ɕ ⌘ ⌘ ◎ ⌘ ɕ	ɕ ⌘ ɕ	ɕ	ɕ	ɕ ⊙ ⊙ ⊙ ⊙ 1 ⊙ ▾ ☺ ◘ ? ⊙ ◘ G ⊙ G ⊙ ⌘ ⌘ ▾ ⊙ ◘ M ◪ A ∘ A	▾	∘	▾
ɕ ◘ K ∖ ∘ ⊘ ∘ W ∘ A ∘ ∘	ɕ	∘ 1 ◎ ɕ	ɕ	ɕ	t ⌘ ⌘ ⌘ 3 ⌘ 3 ⌘ ◘ ⌘ ⌘ ⌘ 3 ⌘ ◘ ⌘ ⌘ ⌘ ɕ	ɕ △ T	ɕ G ɕ G ◘ ⊍ G ◘ G G ɕ	2	ɕ	ɕ ◘ K ∖ ∘ ⊘ ∘ W ∘ A ∘ ∘	ɕ	∘
⌘ 1 ∘ ⊃ ∖ N D	⁄	A	▾ ⊙ ⊙ ⊙ ɕ ⌘ ⌘ ⌘ ⌘ ⌘ ⌘ ⌘ ⌘ ⌘ 3 ⌘ ⌘ ⌘ ⌘ ⌘ ⌘ ⌘ ?	? ⌘ ɕ	? ⌘ ⌘ ⌘ ?	ɕ	ɕ	2 ⌘ ?	?	? ⌘ ⌘ ⌘ ⌘ ⌘ ⌘ ⌘ ⌘ 1 ∘ ⊃ ∖ N D	⁄	A	▾ ⊙ ⊙ ⊙ ɕ
